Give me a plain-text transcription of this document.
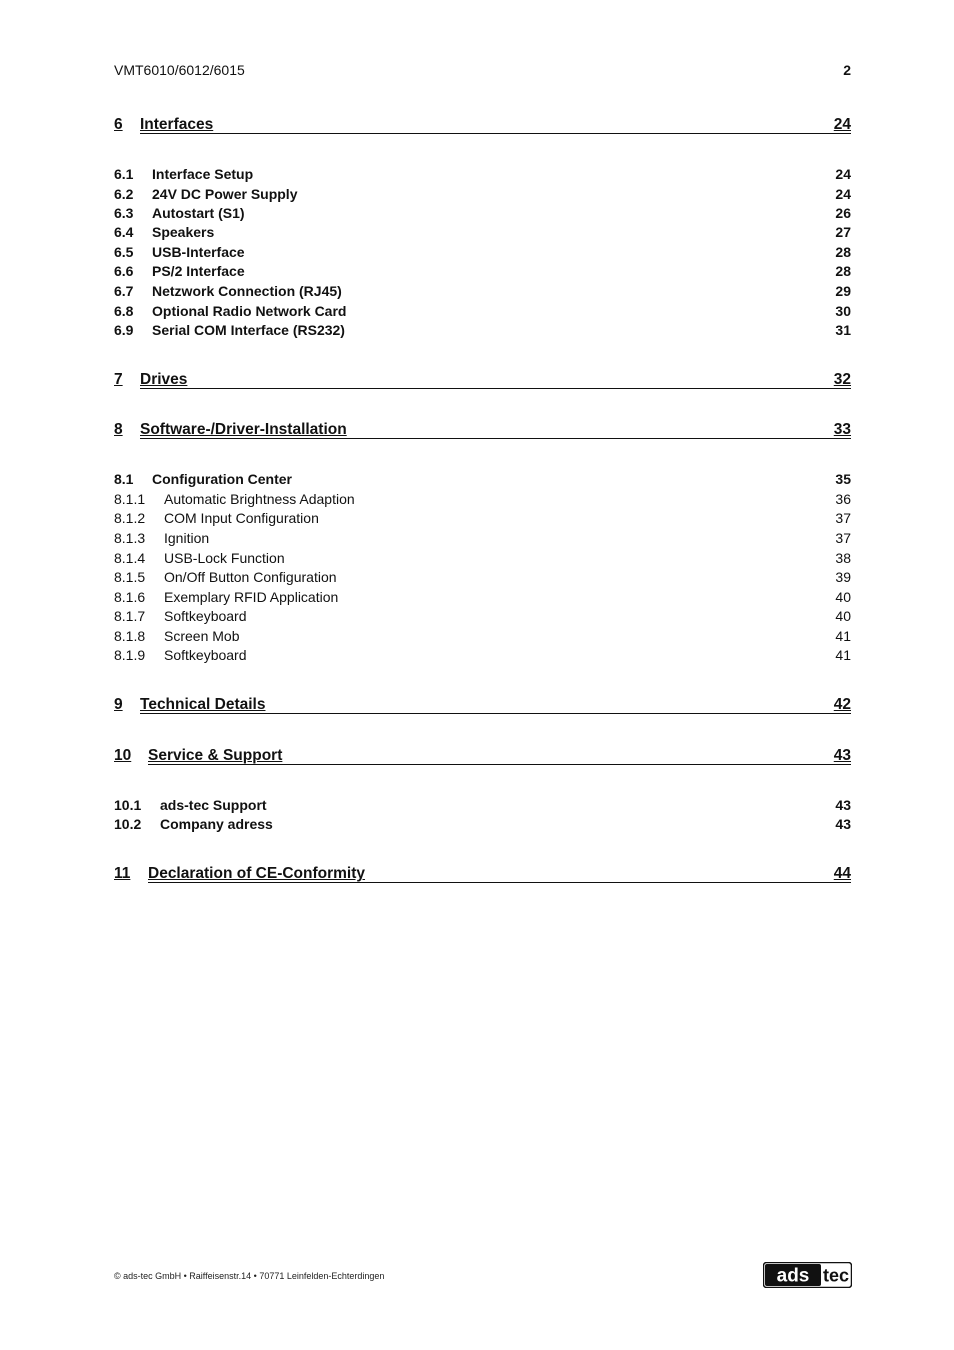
VMT6010/6012/6015	2
6 Interfaces	24
6.1 Interface Setup	24
6.2 24V DC Power Supply	24
6.3 Autostart (S1)	26
6.4 Speakers	27
6.5 USB-Interface	28
6.6 PS/2 Interface	28
6.7 Netzwork Connection (RJ45)	29
6.8 Optional Radio Network Card	30
6.9 Serial COM Interface (RS232)	31
7 Drives	32
8 Software-/Driver-Installation	33
8.1 Configuration Center	35
8.1.1 Automatic Brightness Adaption	36
8.1.2 COM Input Configuration	37
8.1.3 Ignition	37
8.1.4 USB-Lock Function	38
8.1.5 On/Off Button Configuration	39
8.1.6 Exemplary RFID Application	40
8.1.7 Softkeyboard	40
8.1.8 Screen Mob	41
8.1.9 Softkeyboard	41
9 Technical Details	42
10 Service & Support	43
10.1 ads-tec Support	43
10.2 Company adress	43
11 Declaration of CE-Conformity	44
© ads-tec GmbH • Raiffeisenstr.14 • 70771 Leinfelden-Echterdingen	ads tec
